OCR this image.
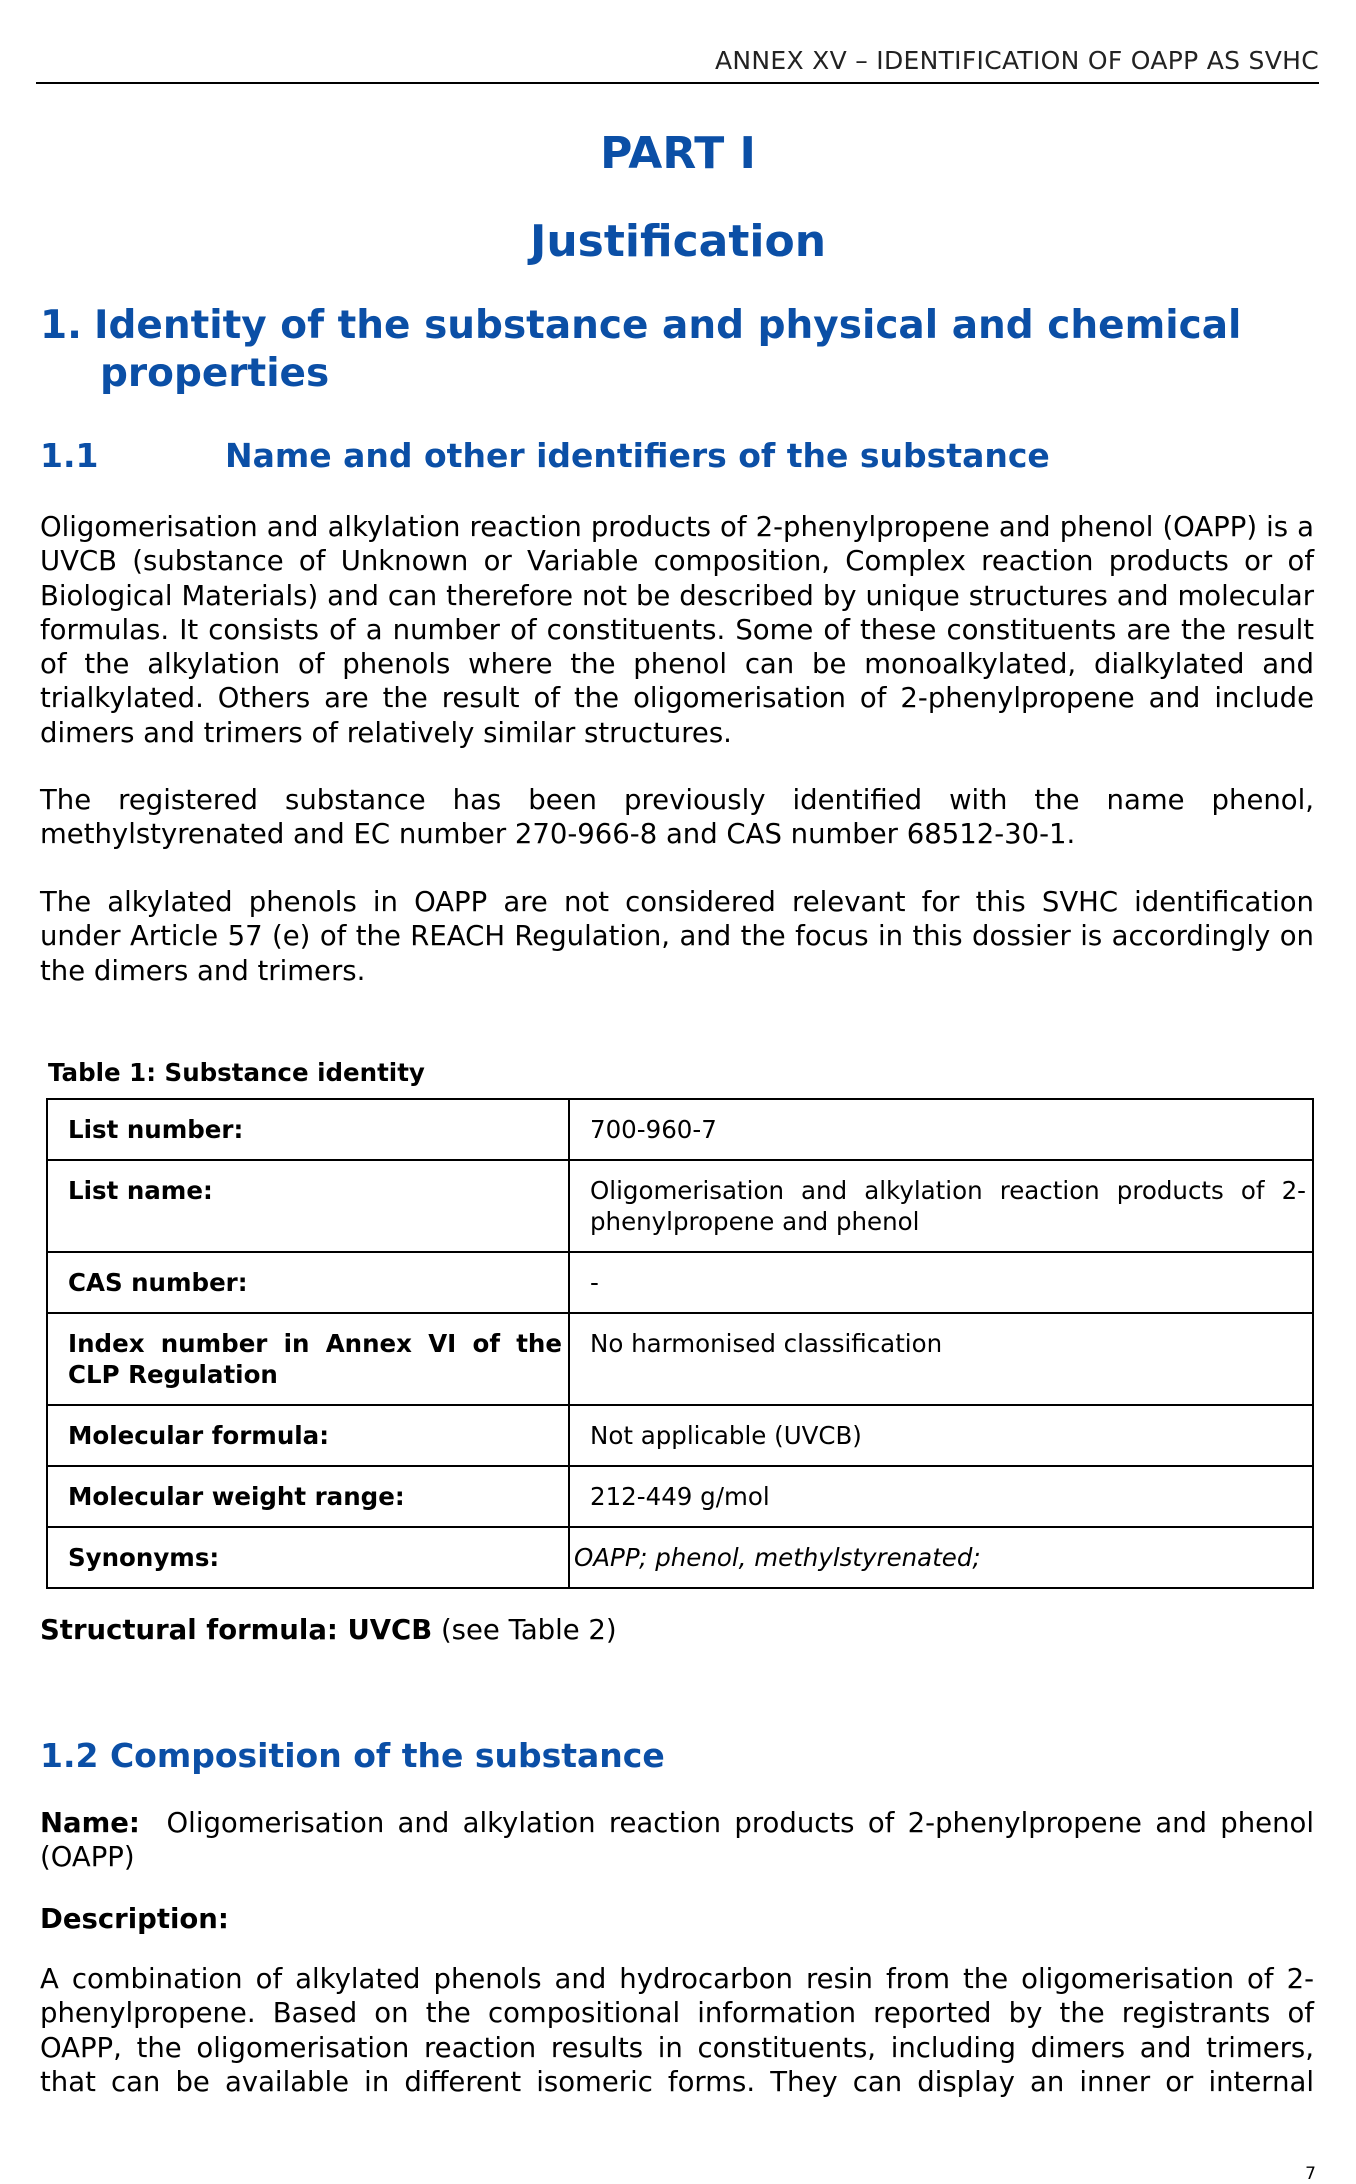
ANNEX XV – IDENTIFICATION OF OAPP AS SVHC
PART I
Justification
1. Identity of the substance and physical and chemical
properties
1.1	Name and other identifiers of the substance
Oligomerisation and alkylation reaction products of 2-phenylpropene and phenol (OAPP) is a UVCB (substance of Unknown or Variable composition, Complex reaction products or of Biological Materials) and can therefore not be described by unique structures and molecular formulas. It consists of a number of constituents. Some of these constituents are the result of the alkylation of phenols where the phenol can be monoalkylated, dialkylated and trialkylated. Others are the result of the oligomerisation of 2-phenylpropene and include dimers and trimers of relatively similar structures.
The registered substance has been previously identified with the name phenol, methylstyrenated and EC number 270-966-8 and CAS number 68512-30-1.
The alkylated phenols in OAPP are not considered relevant for this SVHC identification under Article 57 (e) of the REACH Regulation, and the focus in this dossier is accordingly on the dimers and trimers.
Table 1: Substance identity
List number:	700-960-7
List name:	Oligomerisation and alkylation reaction products of 2-phenylpropene and phenol
CAS number:	-
Index number in Annex VI of the CLP Regulation	No harmonised classification
Molecular formula:	Not applicable (UVCB)
Molecular weight range:	212-449 g/mol
Synonyms:	OAPP; phenol, methylstyrenated;
Structural formula: UVCB (see Table 2)
1.2 Composition of the substance
Name:  Oligomerisation and alkylation reaction products of 2-phenylpropene and phenol (OAPP)
Description:
A combination of alkylated phenols and hydrocarbon resin from the oligomerisation of 2-phenylpropene. Based on the compositional information reported by the registrants of OAPP, the oligomerisation reaction results in constituents, including dimers and trimers, that can be available in different isomeric forms. They can display an inner or internal
7
